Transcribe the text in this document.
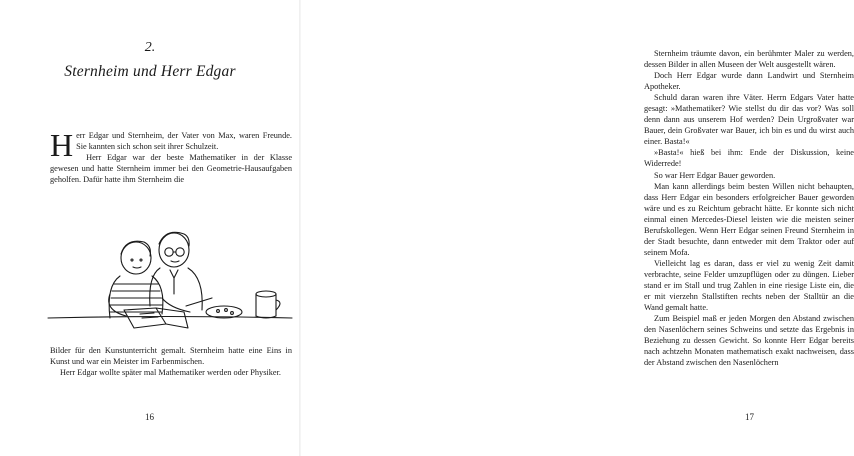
2.
Sternheim und Herr Edgar

Herr Edgar und Sternheim, der Vater von Max, waren Freunde. Sie kannten sich schon seit ihrer Schulzeit.

Herr Edgar war der beste Mathematiker in der Klasse gewesen und hatte Sternheim immer bei den Geometrie-Hausaufgaben geholfen. Dafür hatte ihm Sternheim die

Bilder für den Kunstunterricht gemalt. Sternheim hatte eine Eins in Kunst und war ein Meister im Farbenmischen.

Herr Edgar wollte später mal Mathematiker werden oder Physiker.

16

Sternheim träumte davon, ein berühmter Maler zu werden, dessen Bilder in allen Museen der Welt ausgestellt wären.

Doch Herr Edgar wurde dann Landwirt und Sternheim Apotheker.

Schuld daran waren ihre Väter. Herrn Edgars Vater hatte gesagt: »Mathematiker? Wie stellst du dir das vor? Was soll denn dann aus unserem Hof werden? Dein Urgroßvater war Bauer, dein Großvater war Bauer, ich bin es und du wirst auch einer. Basta!«

»Basta!« hieß bei ihm: Ende der Diskussion, keine Widerrede!

So war Herr Edgar Bauer geworden.

Man kann allerdings beim besten Willen nicht behaupten, dass Herr Edgar ein besonders erfolgreicher Bauer geworden wäre und es zu Reichtum gebracht hätte. Er konnte sich nicht einmal einen Mercedes-Diesel leisten wie die meisten seiner Berufskollegen. Wenn Herr Edgar seinen Freund Sternheim in der Stadt besuchte, dann entweder mit dem Traktor oder auf seinem Mofa.

Vielleicht lag es daran, dass er viel zu wenig Zeit damit verbrachte, seine Felder umzupflügen oder zu düngen. Lieber stand er im Stall und trug Zahlen in eine riesige Liste ein, die er mit vierzehn Stallstiften rechts neben der Stalltür an die Wand gemalt hatte.

Zum Beispiel maß er jeden Morgen den Abstand zwischen den Nasenlöchern seines Schweins und setzte das Ergebnis in Beziehung zu dessen Gewicht. So konnte Herr Edgar bereits nach achtzehn Monaten mathematisch exakt nachweisen, dass der Abstand zwischen den Nasenlöchern

17
